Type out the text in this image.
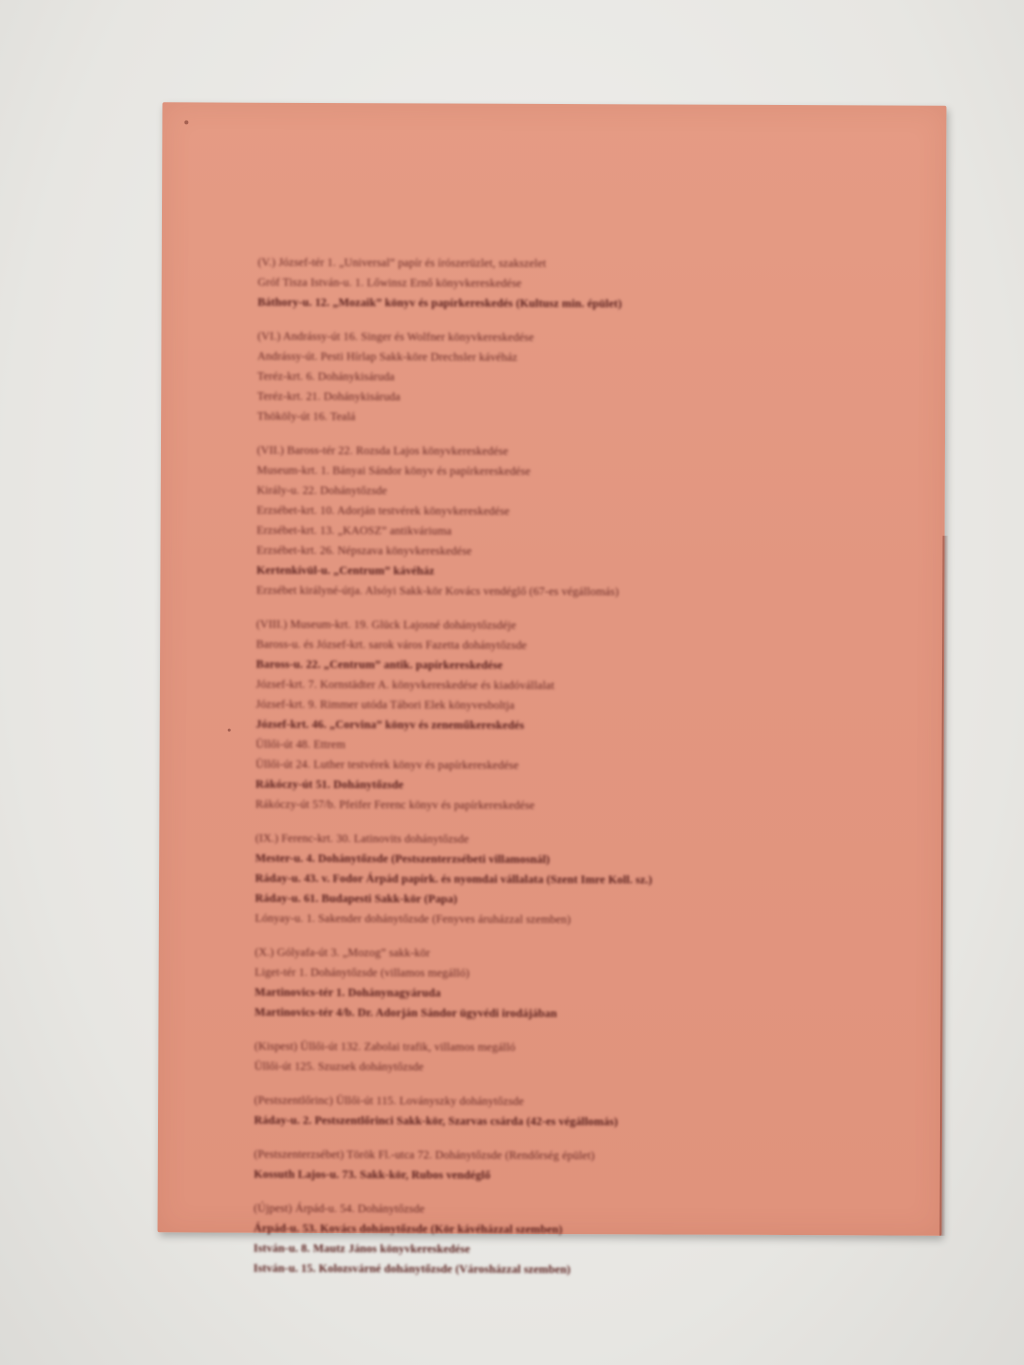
(V.) József-tér 1. „Universal” papír és írószerüzlet, szakszelet
Gróf Tisza István-u. 1. Lőwinsz Ernő könyvkereskedése
Báthory-u. 12. „Mozaik” könyv és papírkereskedés (Kultusz min. épület)
(VI.) Andrássy-út 16. Singer és Wolfner könyvkereskedése
Andrássy-út. Pesti Hírlap Sakk-köre Drechsler kávéház
Teréz-krt. 6. Dohánykisáruda
Teréz-krt. 21. Dohánykisáruda
Thököly-út 16. Tealá
(VII.) Baross-tér 22. Rozsda Lajos könyvkereskedése
Museum-krt. 1. Bányai Sándor könyv és papírkereskedése
Király-u. 22. Dohánytőzsde
Erzsébet-krt. 10. Adorján testvérek könyvkereskedése
Erzsébet-krt. 13. „KAOSZ” antikváriuma
Erzsébet-krt. 26. Népszava könyvkereskedése
Kertenkívül-u. „Centrum” kávéház
Erzsébet királyné-útja. Alsóyi Sakk-kör Kovács vendéglő (67-es végállomás)
(VIII.) Museum-krt. 19. Glück Lajosné dohánytőzsdéje
Baross-u. és József-krt. sarok város Fazetta dohánytőzsde
Baross-u. 22. „Centrum” antik. papírkereskedése
József-krt. 7. Kornstädter A. könyvkereskedése és kiadóvállalat
József-krt. 9. Rimmer utóda Tábori Elek könyvesboltja
József-krt. 46. „Corvina” könyv és zeneműkereskedés
Üllői-út 48. Ettrem
Üllői-út 24. Luther testvérek könyv és papírkereskedése
Rákóczy-út 51. Dohánytőzsde
Rákóczy-út 57/b. Pfeifer Ferenc könyv és papírkereskedése
(IX.) Ferenc-krt. 30. Latinovits dohánytőzsde
Mester-u. 4. Dohánytőzsde (Pestszenterzsébeti villamosnál)
Ráday-u. 43. v. Fodor Árpád papírk. és nyomdai vállalata (Szent Imre Koll. sz.)
Ráday-u. 61. Budapesti Sakk-kör (Papa)
Lónyay-u. 1. Sakender dohánytőzsde (Fenyves áruházzal szemben)
(X.) Gólyafa-út 3. „Mozog” sakk-kör
Liget-tér 1. Dohánytőzsde (villamos megálló)
Martinovics-tér 1. Dohánynagyáruda
Martinovics-tér 4/b. Dr. Adorján Sándor ügyvédi irodájában
(Kispest) Üllői-út 132. Zabolai trafik, villamos megálló
Üllői-út 125. Szuzsek dohánytőzsde
(Pestszentlőrinc) Üllői-út 115. Loványszky dohánytőzsde
Ráday-u. 2. Pestszentlőrinci Sakk-kör, Szarvas csárda (42-es végállomás)
(Pestszenterzsébet) Török Fl.-utca 72. Dohánytőzsde (Rendőrség épület)
Kossuth Lajos-u. 73. Sakk-kör, Rubos vendéglő
(Újpest) Árpád-u. 54. Dohánytőzsde
Árpád-u. 53. Kovács dohánytőzsde (Kör kávéházzal szemben)
István-u. 8. Mautz János könyvkereskedése
István-u. 15. Kolozsvárné dohánytőzsde (Városházzal szemben)
